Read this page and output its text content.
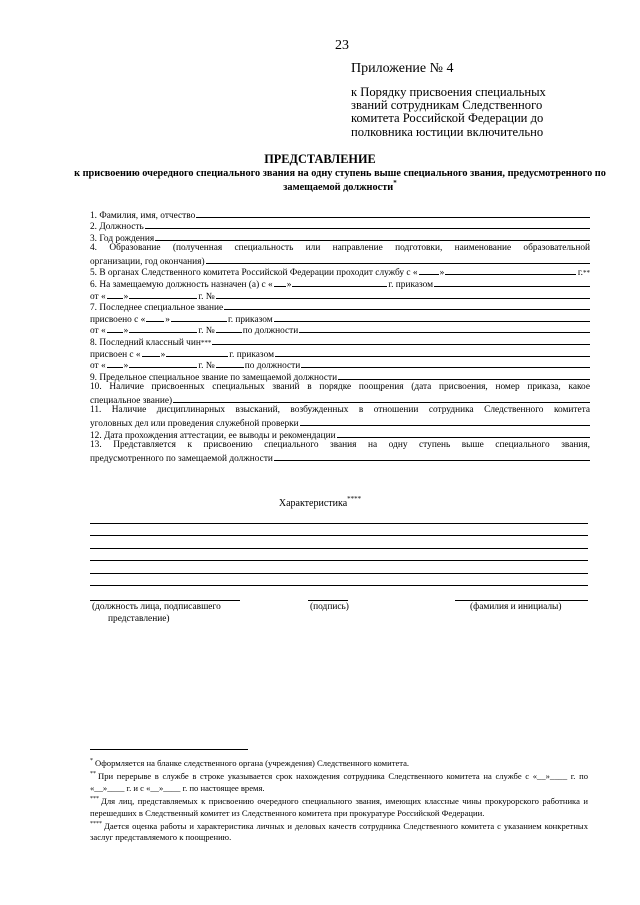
23
Приложение № 4
к Порядку присвоения специальных
званий сотрудникам Следственного
комитета Российской Федерации до
полковника юстиции включительно
ПРЕДСТАВЛЕНИЕ
к присвоению очередного специального звания на одну ступень выше специального звания, предусмотренного по замещаемой должности*
1. Фамилия, имя, отчество
2. Должность
3. Год рождения
4. Образование (полученная специальность или направление подготовки, наименование образовательной
организации, год окончания)
5. В органах Следственного комитета Российской Федерации проходит службу с « »	г. **
6. На замещаемую должность назначен (а) с « »	г. приказом
от « »	г. №
7. Последнее специальное звание
присвоено с « »	г. приказом
от « »	г. №	по должности
8. Последний классный чин ***
присвоен с « »	г. приказом
от « »	г. №	по должности
9. Предельное специальное звание по замещаемой должности
10. Наличие присвоенных специальных званий в порядке поощрения (дата присвоения, номер приказа, какое
специальное звание)
11. Наличие дисциплинарных взысканий, возбужденных в отношении сотрудника Следственного комитета
уголовных дел или проведения служебной проверки
12. Дата прохождения аттестации, ее выводы и рекомендации
13. Представляется к присвоению специального звания на одну ступень выше специального звания,
предусмотренного по замещаемой должности
Характеристика****
(должность лица, подписавшего
представление)
(подпись)	(фамилия и инициалы)
* Оформляется на бланке следственного органа (учреждения) Следственного комитета.
** При перерыве в службе в строке указывается срок нахождения сотрудника Следственного комитета на службе с «__»____ г. по «__»____ г. и с «__»____ г. по настоящее время.
*** Для лиц, представляемых к присвоению очередного специального звания, имеющих классные чины прокурорского работника и перешедших в Следственный комитет из Следственного комитета при прокуратуре Российской Федерации.
**** Дается оценка работы и характеристика личных и деловых качеств сотрудника Следственного комитета с указанием конкретных заслуг представляемого к поощрению.
